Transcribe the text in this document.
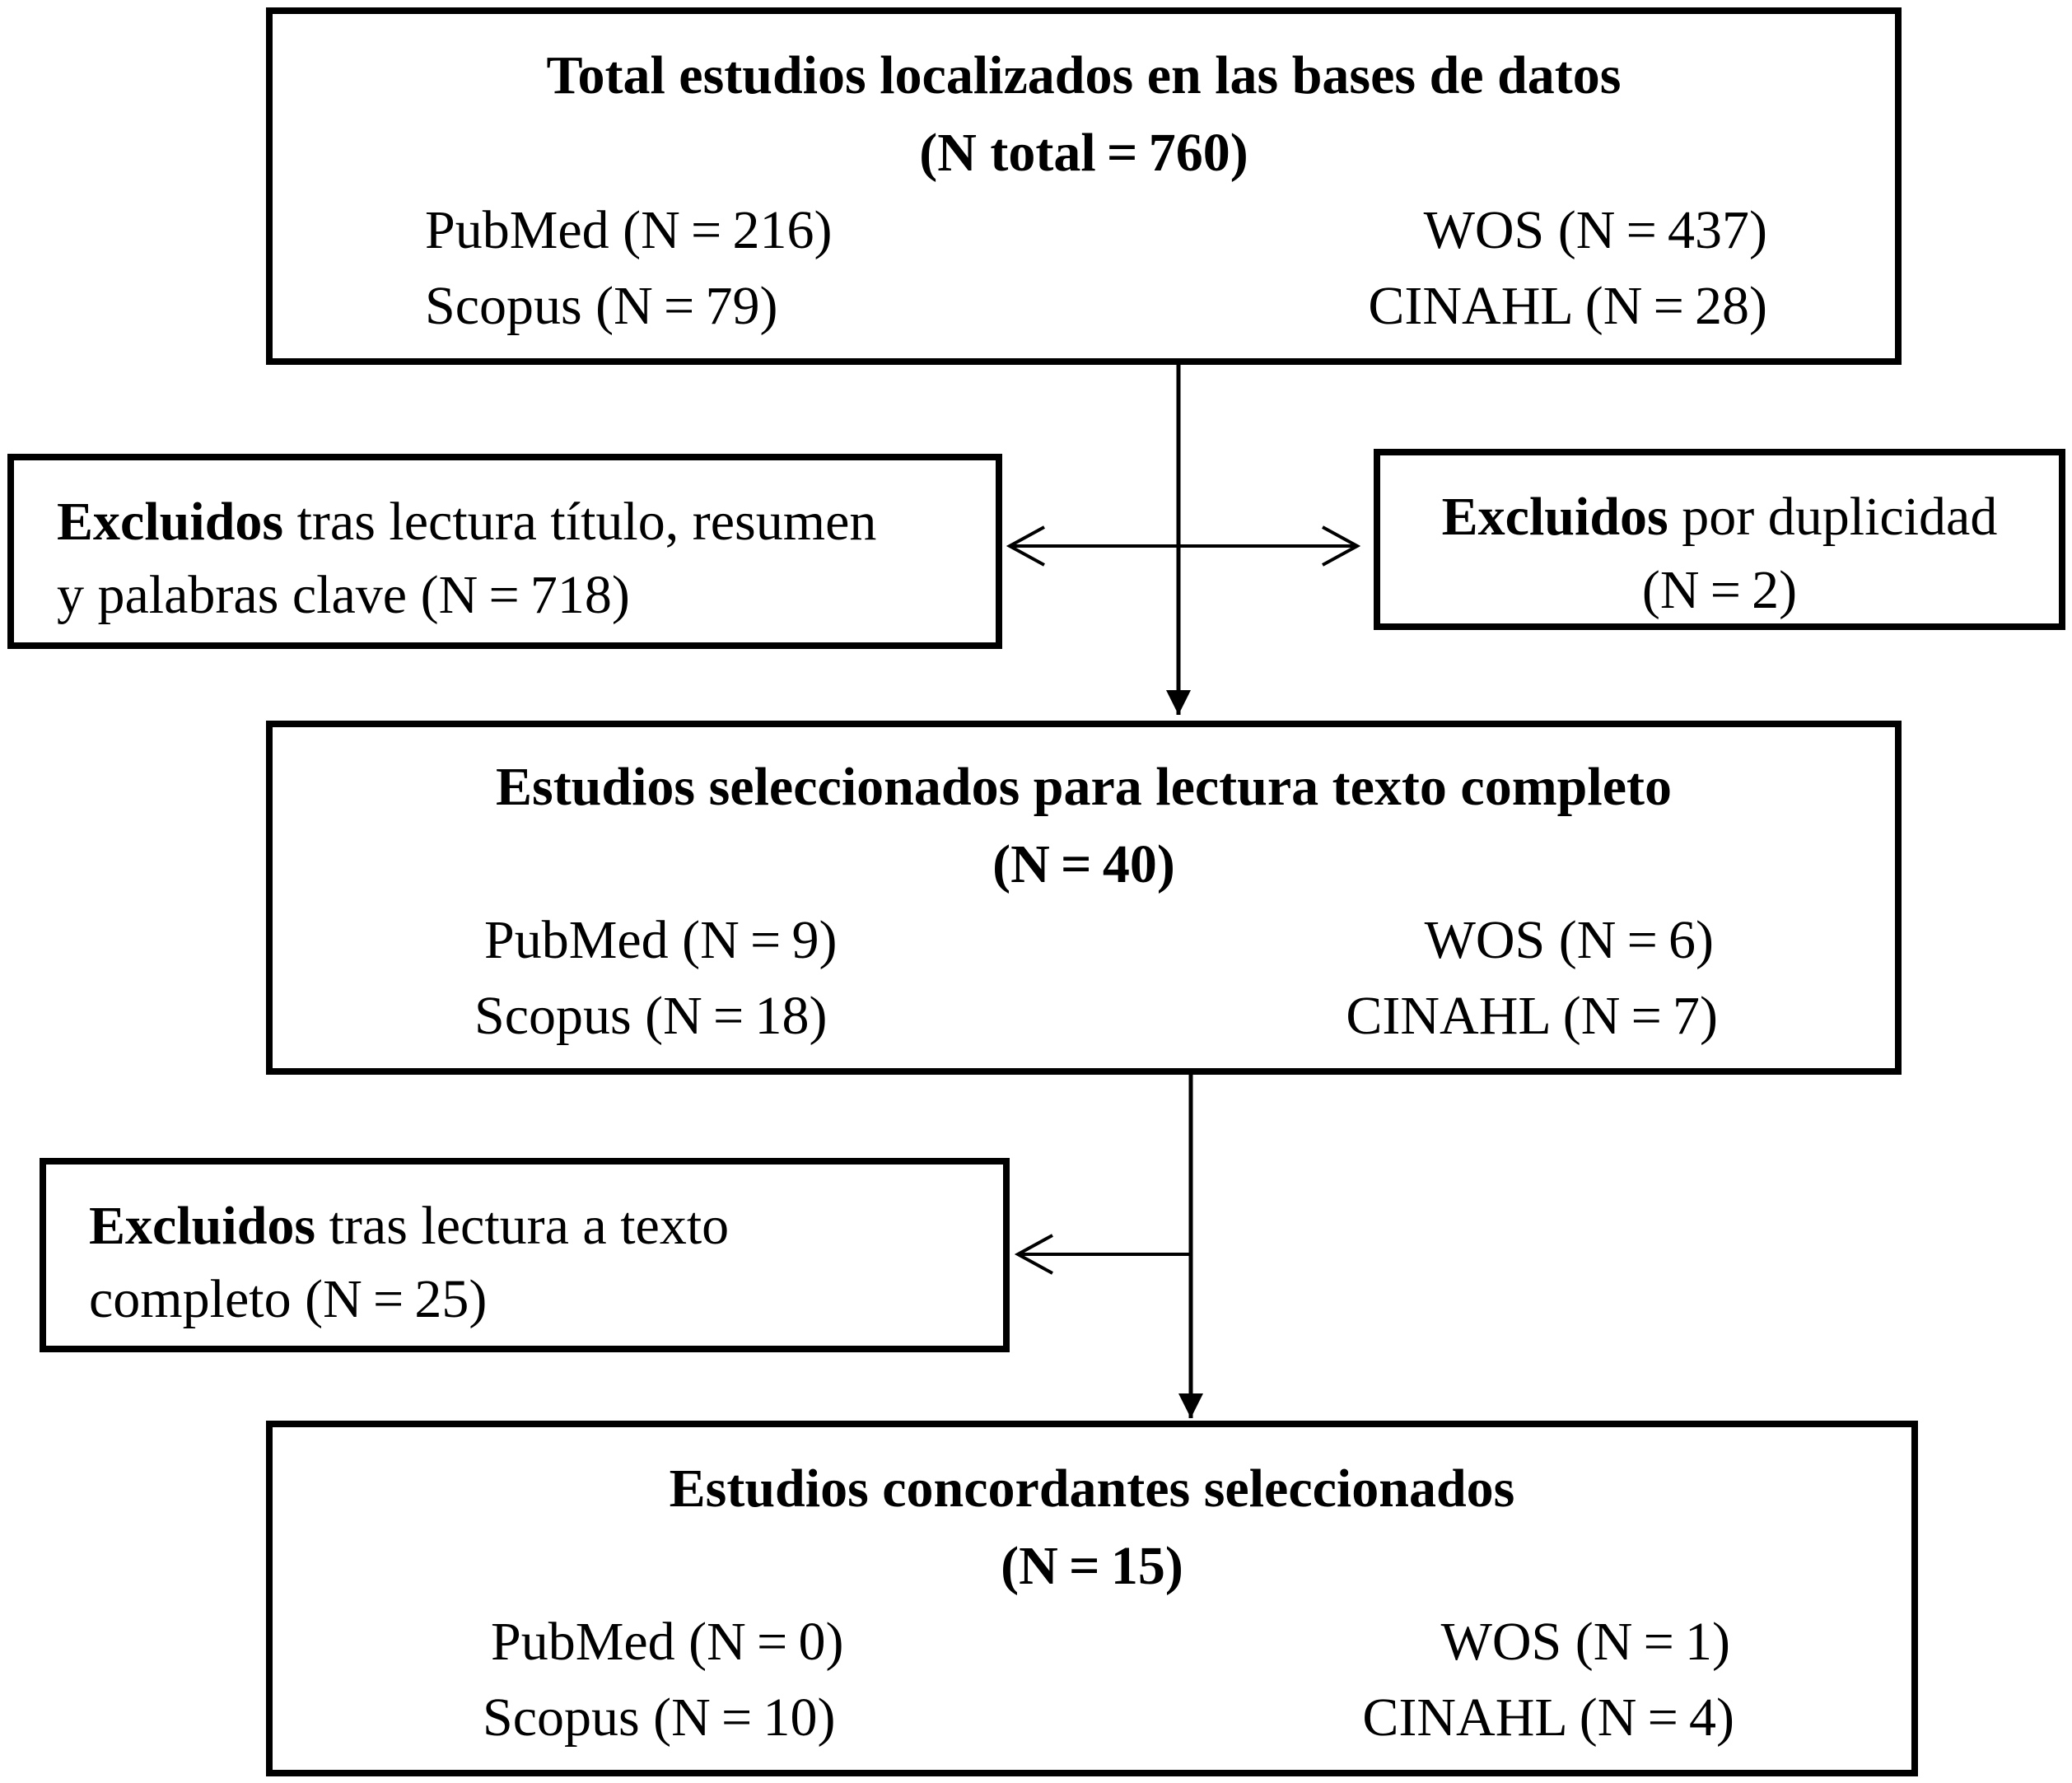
Total estudios localizados en las bases de datos
(N total = 760)
PubMed (N = 216)	WOS (N = 437)
Scopus (N = 79)	CINAHL (N = 28)
Excluidos tras lectura título, resumen
y palabras clave (N = 718)
Excluidos por duplicidad
(N = 2)
Estudios seleccionados para lectura texto completo
(N = 40)
PubMed (N = 9)	WOS (N = 6)
Scopus (N = 18)	CINAHL (N = 7)
Excluidos tras lectura a texto
completo (N = 25)
Estudios concordantes seleccionados
(N = 15)
PubMed (N = 0)	WOS (N = 1)
Scopus (N = 10)	CINAHL (N = 4)
